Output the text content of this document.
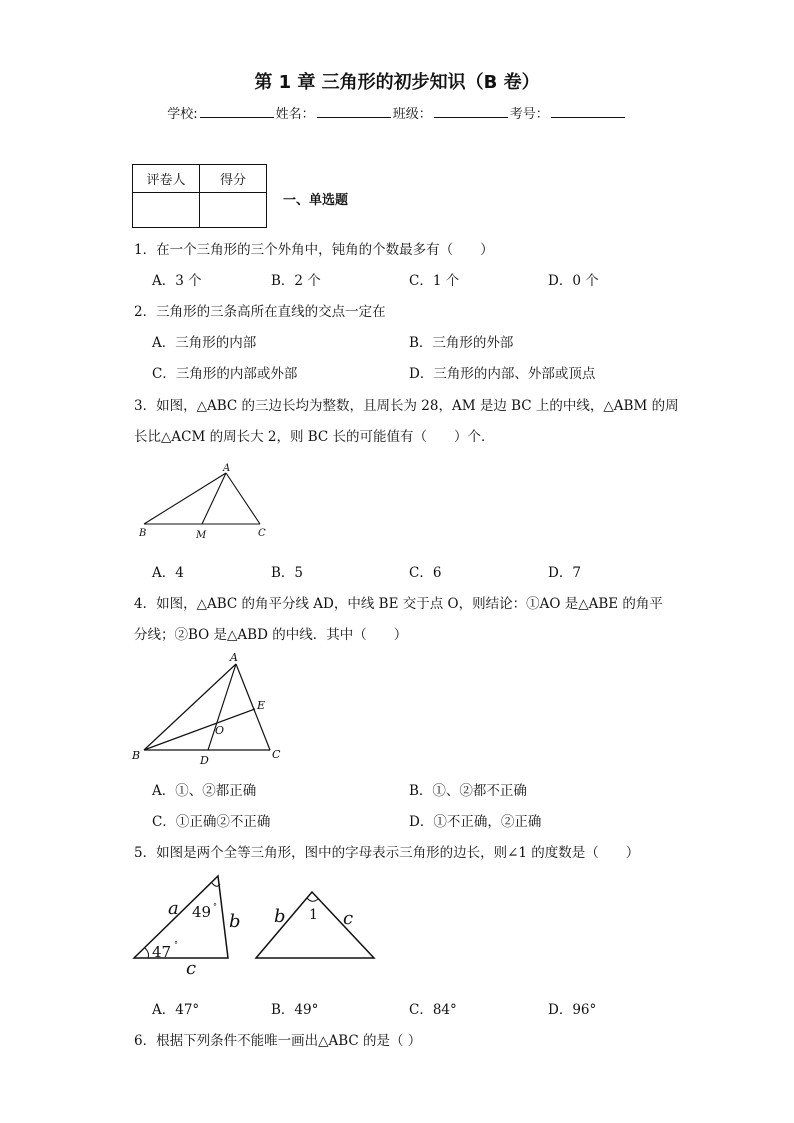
第 1 章 三角形的初步知识（B 卷）
学校:	姓名：	班级：	考号：
评卷人	得分

一、单选题
1．在一个三角形的三个外角中，钝角的个数最多有（　　）
A．3 个	B．2 个	C．1 个	D．0 个
2．三角形的三条高所在直线的交点一定在
A．三角形的内部	B．三角形的外部
C．三角形的内部或外部	D．三角形的内部、外部或顶点
3．如图，△ABC 的三边长均为整数，且周长为 28，AM 是边 BC 上的中线，△ABM 的周
长比△ACM 的周长大 2，则 BC 长的可能值有（　　）个．
A
B	M	C
A．4	B．5	C．6	D．7
4．如图，△ABC 的角平分线 AD，中线 BE 交于点 O，则结论：①AO 是△ABE 的角平
分线；②BO 是△ABD 的中线．其中（　　）
A
B	C
D
E
O
A．①、②都正确	B．①、②都不正确
C．①正确②不正确	D．①不正确，②正确
5．如图是两个全等三角形，图中的字母表示三角形的边长，则∠1 的度数是（　　）
a
b
c
49 °
47 °
b	c
1
A．47°	B．49°	C．84°	D．96°
6．根据下列条件不能唯一画出△ABC 的是（ ）
